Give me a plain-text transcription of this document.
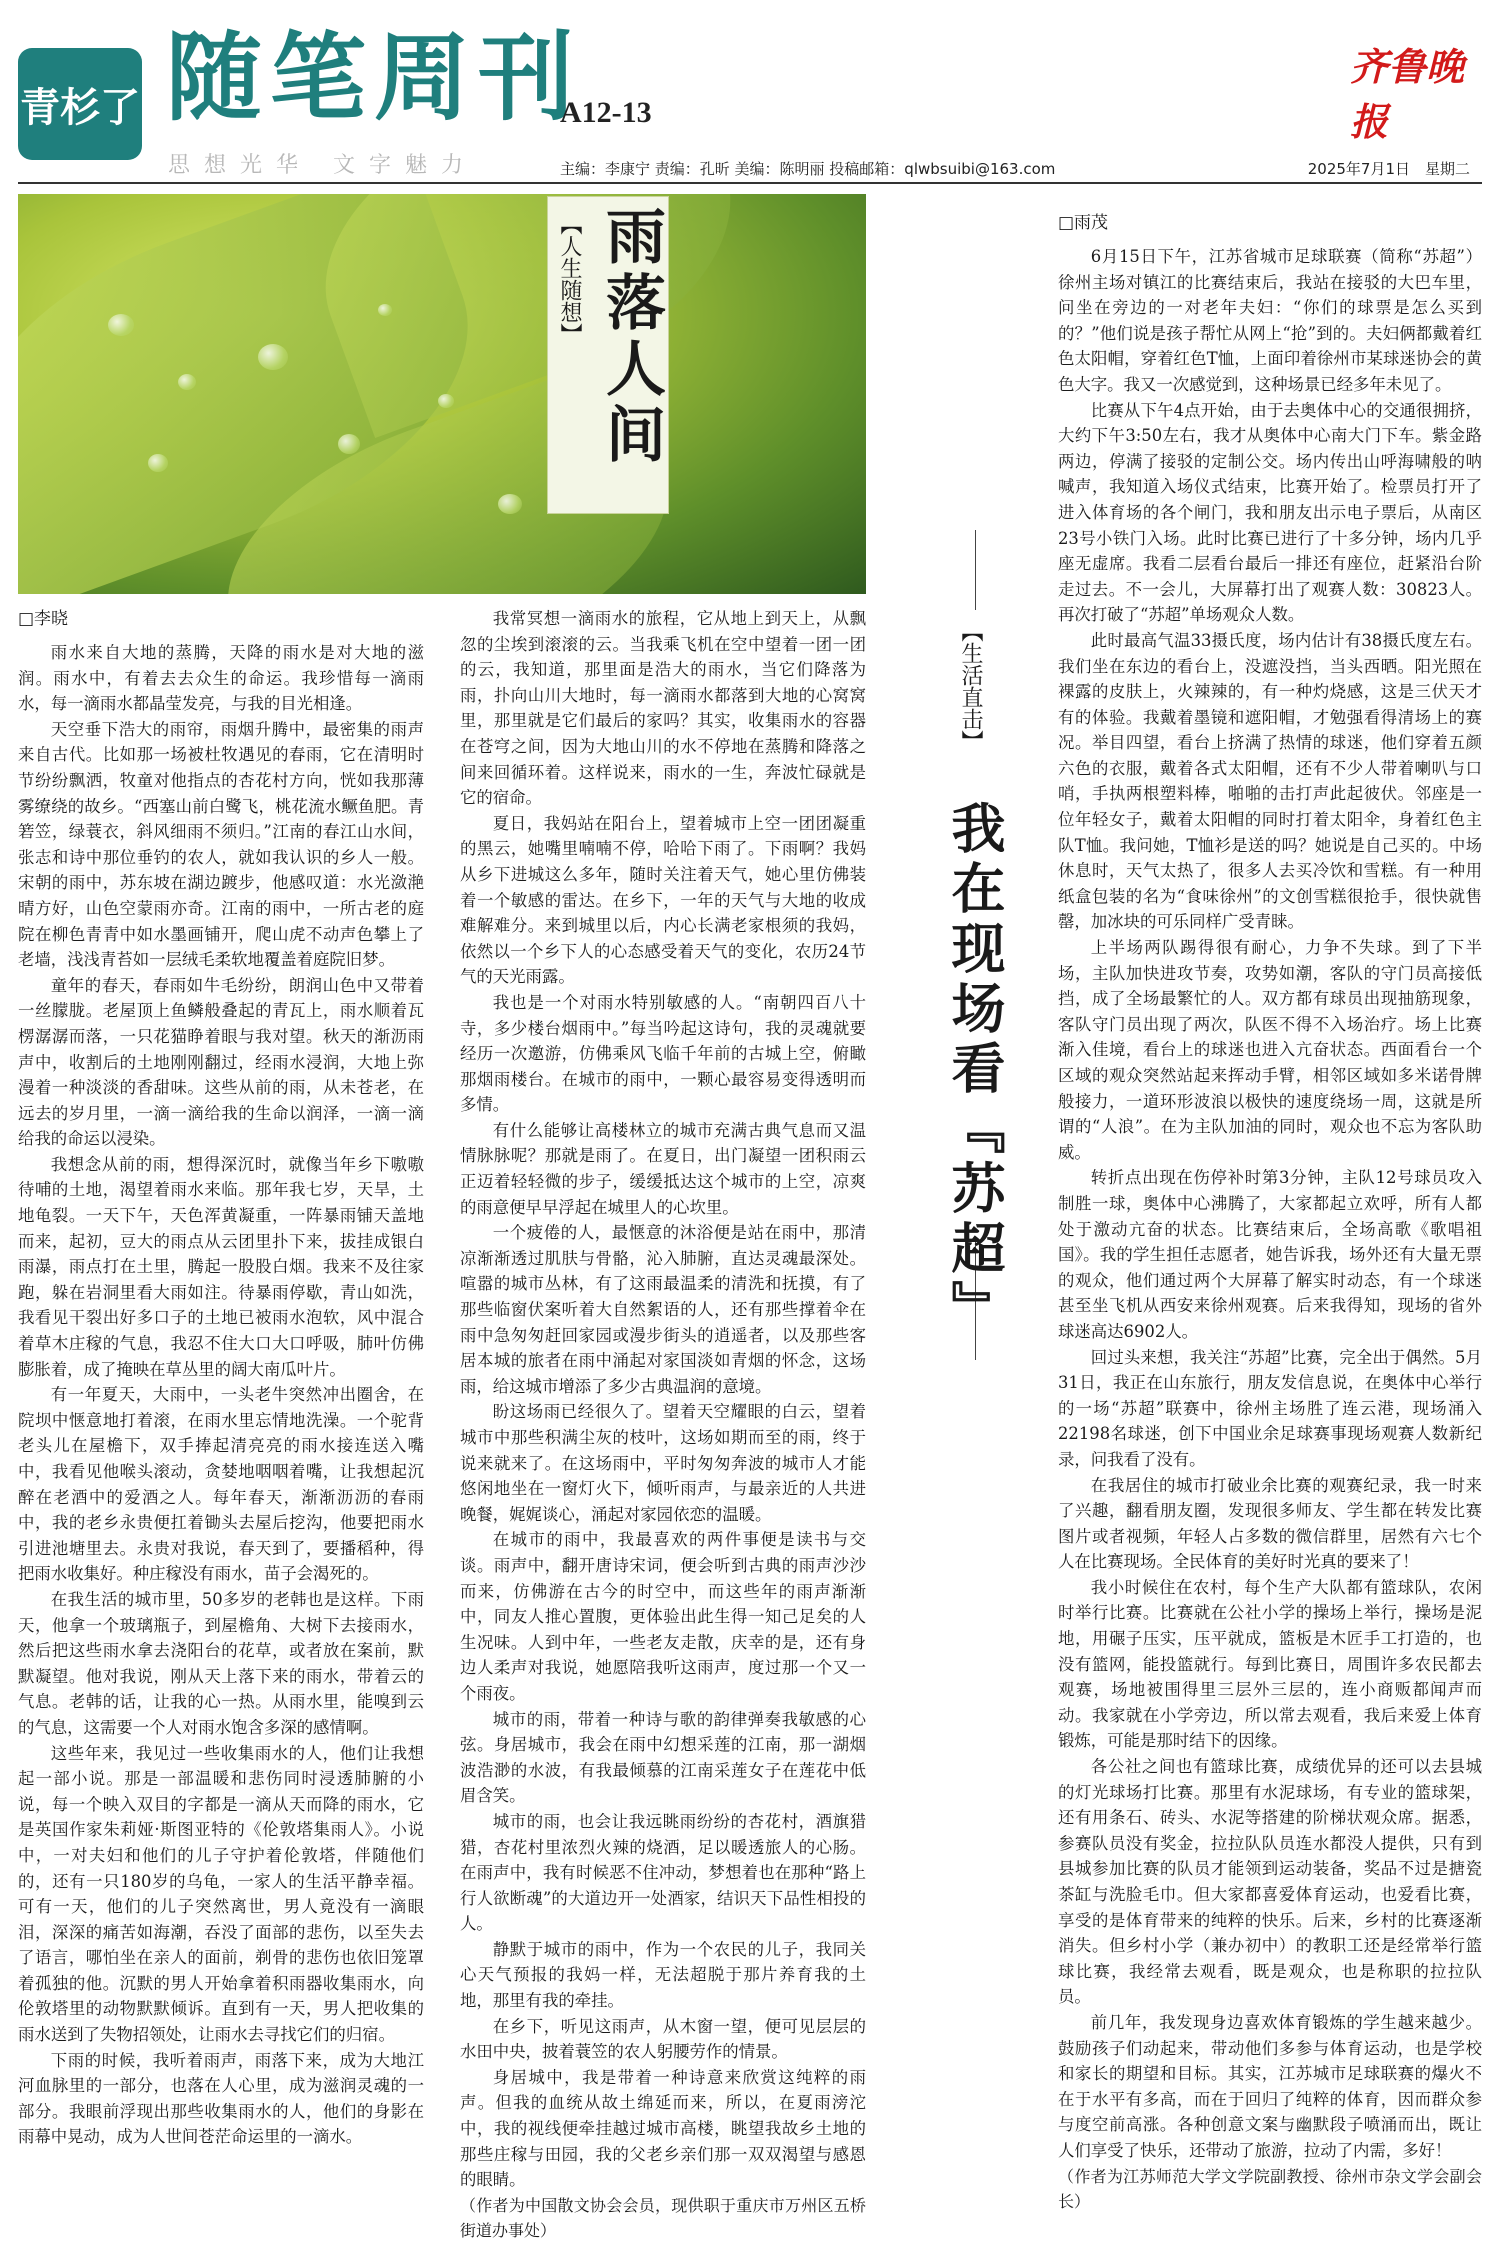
青杉了 随笔周刊
A12-13
思想光华 文字魅力
齐鲁晚报
主编：李康宁 责编：孔昕 美编：陈明丽 投稿邮箱：qlwbsuibi@163.com	2025年7月1日　星期二
【人生随想】 雨落人间
□李晓

雨水来自大地的蒸腾，天降的雨水是对大地的滋润。雨水中，有着去去众生的命运。我珍惜每一滴雨水，每一滴雨水都晶莹发亮，与我的目光相逢。

天空垂下浩大的雨帘，雨烟升腾中，最密集的雨声来自古代。比如那一场被杜牧遇见的春雨，它在清明时节纷纷飘洒，牧童对他指点的杏花村方向，恍如我那薄雾缭绕的故乡。“西塞山前白鹭飞，桃花流水鳜鱼肥。青箬笠，绿蓑衣，斜风细雨不须归。”江南的春江山水间，张志和诗中那位垂钓的农人，就如我认识的乡人一般。宋朝的雨中，苏东坡在湖边踱步，他感叹道：水光潋滟晴方好，山色空蒙雨亦奇。江南的雨中，一所古老的庭院在柳色青青中如水墨画铺开，爬山虎不动声色攀上了老墙，浅浅青苔如一层绒毛柔软地覆盖着庭院旧梦。

童年的春天，春雨如牛毛纷纷，朗润山色中又带着一丝朦胧。老屋顶上鱼鳞般叠起的青瓦上，雨水顺着瓦楞潺潺而落，一只花猫睁着眼与我对望。秋天的渐沥雨声中，收割后的土地刚刚翻过，经雨水浸润，大地上弥漫着一种淡淡的香甜味。这些从前的雨，从未苍老，在远去的岁月里，一滴一滴给我的生命以润泽，一滴一滴给我的命运以浸染。

我想念从前的雨，想得深沉时，就像当年乡下嗷嗷待哺的土地，渴望着雨水来临。那年我七岁，天旱，土地龟裂。一天下午，天色浑黄凝重，一阵暴雨铺天盖地而来，起初，豆大的雨点从云团里扑下来，拔挂成银白雨瀑，雨点打在土里，腾起一股股白烟。我来不及往家跑，躲在岩洞里看大雨如注。待暴雨停歇，青山如洗，我看见干裂出好多口子的土地已被雨水泡软，风中混合着草木庄稼的气息，我忍不住大口大口呼吸，肺叶仿佛膨胀着，成了掩映在草丛里的阔大南瓜叶片。

有一年夏天，大雨中，一头老牛突然冲出圈舍，在院坝中惬意地打着滚，在雨水里忘情地洗澡。一个驼背老头儿在屋檐下，双手捧起清亮亮的雨水接连送入嘴中，我看见他喉头滚动，贪婪地咽咽着嘴，让我想起沉醉在老酒中的爱酒之人。每年春天，渐渐沥沥的春雨中，我的老乡永贵便扛着锄头去屋后挖沟，他要把雨水引进池塘里去。永贵对我说，春天到了，要播稻种，得把雨水收集好。种庄稼没有雨水，苗子会渴死的。

在我生活的城市里，50多岁的老韩也是这样。下雨天，他拿一个玻璃瓶子，到屋檐角、大树下去接雨水，然后把这些雨水拿去浇阳台的花草，或者放在案前，默默凝望。他对我说，刚从天上落下来的雨水，带着云的气息。老韩的话，让我的心一热。从雨水里，能嗅到云的气息，这需要一个人对雨水饱含多深的感情啊。

这些年来，我见过一些收集雨水的人，他们让我想起一部小说。那是一部温暖和悲伤同时浸透肺腑的小说，每一个映入双目的字都是一滴从天而降的雨水，它是英国作家朱莉娅·斯图亚特的《伦敦塔集雨人》。小说中，一对夫妇和他们的儿子守护着伦敦塔，伴随他们的，还有一只180岁的乌龟，一家人的生活平静幸福。可有一天，他们的儿子突然离世，男人竟没有一滴眼泪，深深的痛苦如海潮，吞没了面部的悲伤，以至失去了语言，哪怕坐在亲人的面前，剃骨的悲伤也依旧笼罩着孤独的他。沉默的男人开始拿着积雨器收集雨水，向伦敦塔里的动物默默倾诉。直到有一天，男人把收集的雨水送到了失物招领处，让雨水去寻找它们的归宿。

下雨的时候，我听着雨声，雨落下来，成为大地江河血脉里的一部分，也落在人心里，成为滋润灵魂的一部分。我眼前浮现出那些收集雨水的人，他们的身影在雨幕中晃动，成为人世间苍茫命运里的一滴水。

我常冥想一滴雨水的旅程，它从地上到天上，从飘忽的尘埃到滚滚的云。当我乘飞机在空中望着一团一团的云，我知道，那里面是浩大的雨水，当它们降落为雨，扑向山川大地时，每一滴雨水都落到大地的心窝窝里，那里就是它们最后的家吗？其实，收集雨水的容器在苍穹之间，因为大地山川的水不停地在蒸腾和降落之间来回循环着。这样说来，雨水的一生，奔波忙碌就是它的宿命。

夏日，我妈站在阳台上，望着城市上空一团团凝重的黑云，她嘴里喃喃不停，哈哈下雨了。下雨啊？我妈从乡下进城这么多年，随时关注着天气，她心里仿佛装着一个敏感的雷达。在乡下，一年的天气与大地的收成难解难分。来到城里以后，内心长满老家根须的我妈，依然以一个乡下人的心态感受着天气的变化，农历24节气的天光雨露。

我也是一个对雨水特别敏感的人。“南朝四百八十寺，多少楼台烟雨中。”每当吟起这诗句，我的灵魂就要经历一次邀游，仿佛乘风飞临千年前的古城上空，俯瞰那烟雨楼台。在城市的雨中，一颗心最容易变得透明而多情。

有什么能够让高楼林立的城市充满古典气息而又温情脉脉呢？那就是雨了。在夏日，出门凝望一团积雨云正迈着轻轻微的步子，缓缓抵达这个城市的上空，凉爽的雨意便早早浮起在城里人的心坎里。

一个疲倦的人，最惬意的沐浴便是站在雨中，那清凉渐渐透过肌肤与骨骼，沁入肺腑，直达灵魂最深处。喧嚣的城市丛林，有了这雨最温柔的清洗和抚摸，有了那些临窗伏案听着大自然絮语的人，还有那些撑着伞在雨中急匆匆赶回家园或漫步街头的逍遥者，以及那些客居本城的旅者在雨中涌起对家国淡如青烟的怀念，这场雨，给这城市增添了多少古典温润的意境。

盼这场雨已经很久了。望着天空耀眼的白云，望着城市中那些积满尘灰的枝叶，这场如期而至的雨，终于说来就来了。在这场雨中，平时匆匆奔波的城市人才能悠闲地坐在一窗灯火下，倾听雨声，与最亲近的人共进晚餐，娓娓谈心，涌起对家园依恋的温暖。

在城市的雨中，我最喜欢的两件事便是读书与交谈。雨声中，翻开唐诗宋词，便会听到古典的雨声沙沙而来，仿佛游在古今的时空中，而这些年的雨声渐渐中，同友人推心置腹，更体验出此生得一知己足矣的人生况味。人到中年，一些老友走散，庆幸的是，还有身边人柔声对我说，她愿陪我听这雨声，度过那一个又一个雨夜。

城市的雨，带着一种诗与歌的韵律弹奏我敏感的心弦。身居城市，我会在雨中幻想采莲的江南，那一湖烟波浩渺的水波，有我最倾慕的江南采莲女子在莲花中低眉含笑。

城市的雨，也会让我远眺雨纷纷的杏花村，酒旗猎猎，杏花村里浓烈火辣的烧酒，足以暖透旅人的心肠。在雨声中，我有时候恶不住冲动，梦想着也在那种“路上行人欲断魂”的大道边开一处酒家，结识天下品性相投的人。

静默于城市的雨中，作为一个农民的儿子，我同关心天气预报的我妈一样，无法超脱于那片养育我的土地，那里有我的牵挂。

在乡下，听见这雨声，从木窗一望，便可见层层的水田中央，披着蓑笠的农人躬腰劳作的情景。

身居城中，我是带着一种诗意来欣赏这纯粹的雨声。但我的血统从故土绵延而来，所以，在夏雨滂沱中，我的视线便牵挂越过城市高楼，眺望我故乡土地的那些庄稼与田园，我的父老乡亲们那一双双渴望与感恩的眼睛。

（作者为中国散文协会会员，现供职于重庆市万州区五桥街道办事处）

【生活直击】
我在现场看『苏超』
□雨茂

6月15日下午，江苏省城市足球联赛（简称“苏超”）徐州主场对镇江的比赛结束后，我站在接驳的大巴车里，问坐在旁边的一对老年夫妇：“你们的球票是怎么买到的？”他们说是孩子帮忙从网上“抢”到的。夫妇俩都戴着红色太阳帽，穿着红色T恤，上面印着徐州市某球迷协会的黄色大字。我又一次感觉到，这种场景已经多年未见了。

比赛从下午4点开始，由于去奥体中心的交通很拥挤，大约下午3:50左右，我才从奥体中心南大门下车。紫金路两边，停满了接驳的定制公交。场内传出山呼海啸般的呐喊声，我知道入场仪式结束，比赛开始了。检票员打开了进入体育场的各个闸门，我和朋友出示电子票后，从南区23号小铁门入场。此时比赛已进行了十多分钟，场内几乎座无虚席。我看二层看台最后一排还有座位，赶紧沿台阶走过去。不一会儿，大屏幕打出了观赛人数：30823人。再次打破了“苏超”单场观众人数。

此时最高气温33摄氏度，场内估计有38摄氏度左右。我们坐在东边的看台上，没遮没挡，当头西晒。阳光照在裸露的皮肤上，火辣辣的，有一种灼烧感，这是三伏天才有的体验。我戴着墨镜和遮阳帽，才勉强看得清场上的赛况。举目四望，看台上挤满了热情的球迷，他们穿着五颜六色的衣服，戴着各式太阳帽，还有不少人带着喇叭与口哨，手执两根塑料棒，啪啪的击打声此起彼伏。邻座是一位年轻女子，戴着太阳帽的同时打着太阳伞，身着红色主队T恤。我问她，T恤衫是送的吗？她说是自己买的。中场休息时，天气太热了，很多人去买冷饮和雪糕。有一种用纸盒包装的名为“食味徐州”的文创雪糕很抢手，很快就售罄，加冰块的可乐同样广受青睐。

上半场两队踢得很有耐心，力争不失球。到了下半场，主队加快进攻节奏，攻势如潮，客队的守门员高接低挡，成了全场最繁忙的人。双方都有球员出现抽筋现象，客队守门员出现了两次，队医不得不入场治疗。场上比赛渐入佳境，看台上的球迷也进入亢奋状态。西面看台一个区域的观众突然站起来挥动手臂，相邻区域如多米诺骨牌般接力，一道环形波浪以极快的速度绕场一周，这就是所谓的“人浪”。在为主队加油的同时，观众也不忘为客队助威。

转折点出现在伤停补时第3分钟，主队12号球员攻入制胜一球，奥体中心沸腾了，大家都起立欢呼，所有人都处于激动亢奋的状态。比赛结束后，全场高歌《歌唱祖国》。我的学生担任志愿者，她告诉我，场外还有大量无票的观众，他们通过两个大屏幕了解实时动态，有一个球迷甚至坐飞机从西安来徐州观赛。后来我得知，现场的省外球迷高达6902人。

回过头来想，我关注“苏超”比赛，完全出于偶然。5月31日，我正在山东旅行，朋友发信息说，在奥体中心举行的一场“苏超”联赛中，徐州主场胜了连云港，现场涌入22198名球迷，创下中国业余足球赛事现场观赛人数新纪录，问我看了没有。

在我居住的城市打破业余比赛的观赛纪录，我一时来了兴趣，翻看朋友圈，发现很多师友、学生都在转发比赛图片或者视频，年轻人占多数的微信群里，居然有六七个人在比赛现场。全民体育的美好时光真的要来了！

我小时候住在农村，每个生产大队都有篮球队，农闲时举行比赛。比赛就在公社小学的操场上举行，操场是泥地，用碾子压实，压平就成，篮板是木匠手工打造的，也没有篮网，能投篮就行。每到比赛日，周围许多农民都去观赛，场地被围得里三层外三层的，连小商贩都闻声而动。我家就在小学旁边，所以常去观看，我后来爱上体育锻炼，可能是那时结下的因缘。

各公社之间也有篮球比赛，成绩优异的还可以去县城的灯光球场打比赛。那里有水泥球场，有专业的篮球架，还有用条石、砖头、水泥等搭建的阶梯状观众席。据悉，参赛队员没有奖金，拉拉队队员连水都没人提供，只有到县城参加比赛的队员才能领到运动装备，奖品不过是搪瓷茶缸与洗脸毛巾。但大家都喜爱体育运动，也爱看比赛，享受的是体育带来的纯粹的快乐。后来，乡村的比赛逐渐消失。但乡村小学（兼办初中）的教职工还是经常举行篮球比赛，我经常去观看，既是观众，也是称职的拉拉队员。

前几年，我发现身边喜欢体育锻炼的学生越来越少。鼓励孩子们动起来，带动他们多参与体育运动，也是学校和家长的期望和目标。其实，江苏城市足球联赛的爆火不在于水平有多高，而在于回归了纯粹的体育，因而群众参与度空前高涨。各种创意文案与幽默段子喷涌而出，既让人们享受了快乐，还带动了旅游，拉动了内需，多好！

（作者为江苏师范大学文学院副教授、徐州市杂文学会副会长）
